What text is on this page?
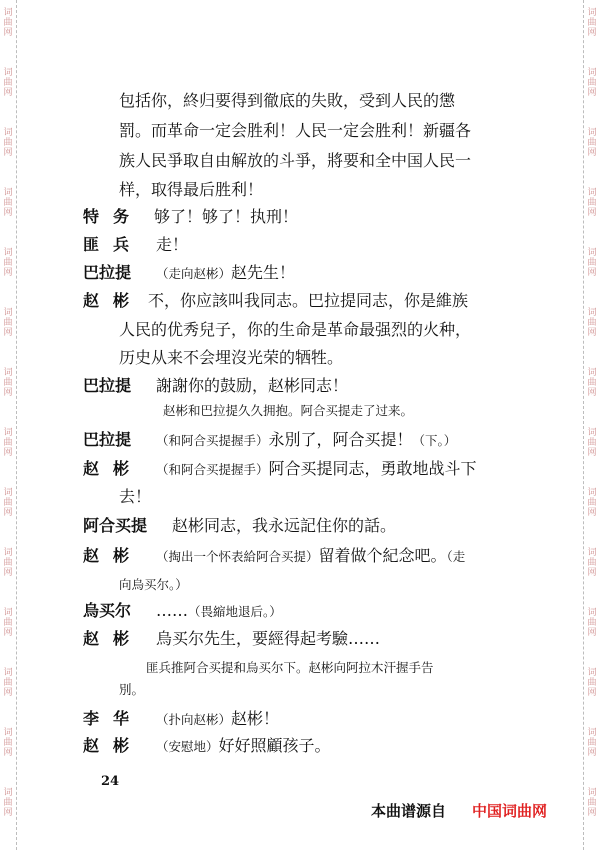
词曲网
词曲网
词曲网
词曲网
词曲网
词曲网
词曲网
词曲网
词曲网
词曲网
词曲网
词曲网
词曲网
词曲网
词曲网
词曲网
词曲网
词曲网
词曲网
词曲网
词曲网
词曲网
词曲网
词曲网
词曲网
词曲网
词曲网
词曲网
包括你，終归要得到徹底的失敗，受到人民的懲
罰。而革命一定会胜利！人民一定会胜利！新疆各
族人民爭取自由解放的斗爭，將要和全中国人民一
样，取得最后胜利！
特务 够了！够了！执刑！
匪兵 走！
巴拉提 （走向赵彬）赵先生！
赵彬 不，你应該叫我同志。巴拉提同志，你是維族
人民的优秀兒子，你的生命是革命最强烈的火种，
历史从来不会埋沒光荣的牺牲。
巴拉提 謝謝你的鼓励，赵彬同志！
赵彬和巴拉提久久拥抱。阿合买提走了过来。
巴拉提 （和阿合买提握手）永別了，阿合买提！（下。）
赵彬 （和阿合买提握手）阿合买提同志，勇敢地战斗下
去！
阿合买提 赵彬同志，我永远記住你的話。
赵彬 （掏出一个怀表給阿合买提）留着做个紀念吧。（走
向烏买尔。）
烏买尔 ……（畏縮地退后。）
赵彬 烏买尔先生，要經得起考驗……
匪兵推阿合买提和烏买尔下。赵彬向阿拉木汗握手告
別。
李华 （扑向赵彬）赵彬！
赵彬 （安慰地）好好照顧孩子。
24
本曲谱源自 中国词曲网
